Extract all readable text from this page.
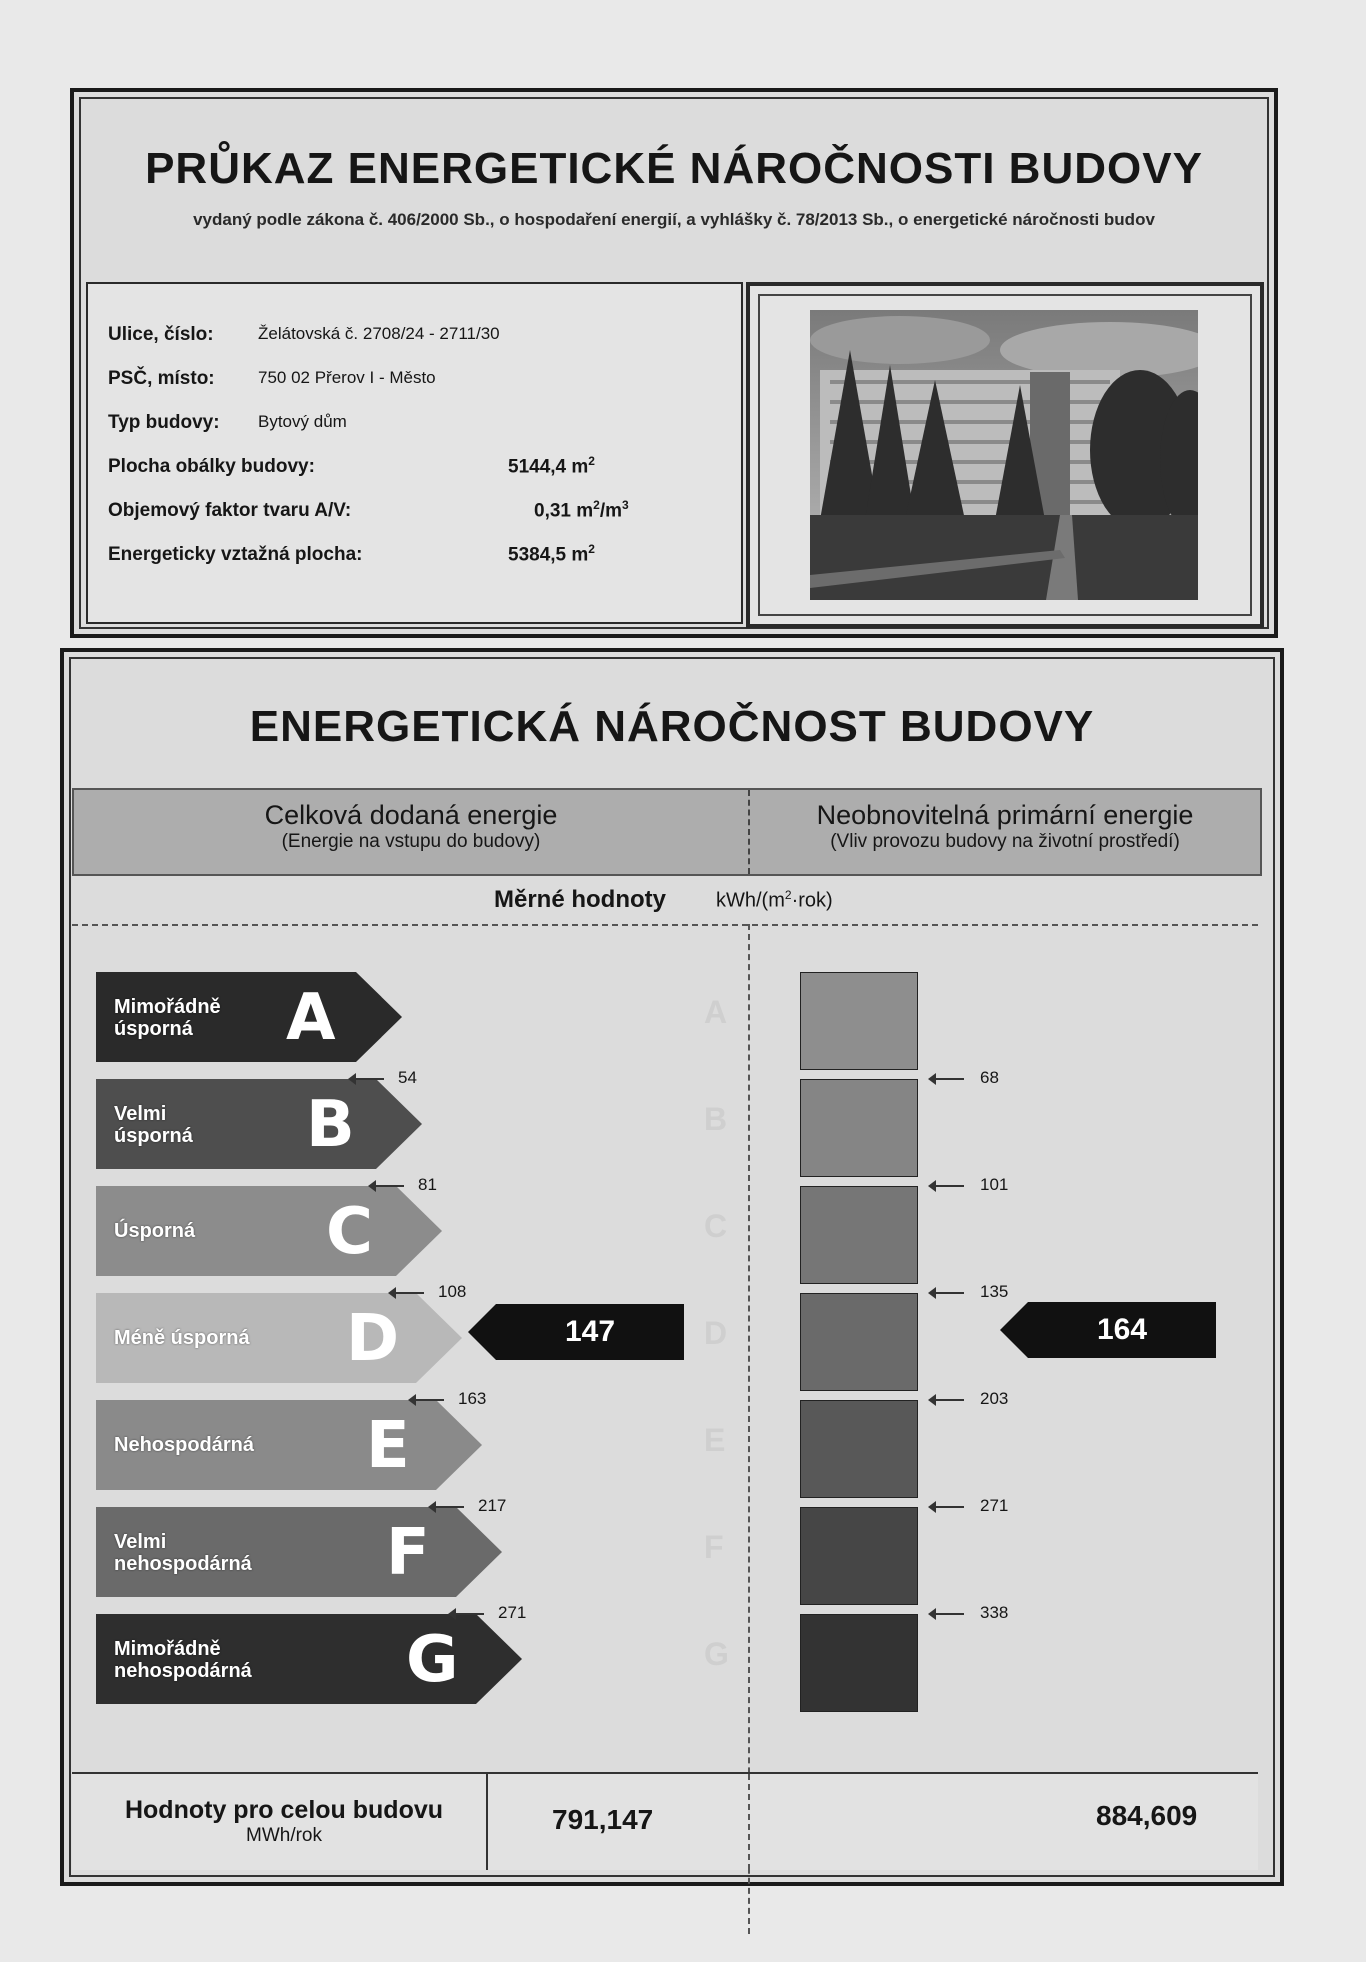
PRŮKAZ ENERGETICKÉ NÁROČNOSTI BUDOVY
vydaný podle zákona č. 406/2000 Sb., o hospodaření energií, a vyhlášky č. 78/2013 Sb., o energetické náročnosti budov
Ulice, číslo:	Želátovská č. 2708/24 - 2711/30
PSČ, místo:	750 02 Přerov I - Město
Typ budovy: Bytový dům
Plocha obálky budovy:	5144,4 $m^2$
Objemový faktor tvaru A/V:	0,31 $m^2/m^3$
Energeticky vztažná plocha:	5384,5 $m^2$
ENERGETICKÁ NÁROČNOST BUDOVY
Celková dodaná energie
(Energie na vstupu do budovy)
Neobnovitelná primární energie
(Vliv provozu budovy na životní prostředí)
Měrné hodnoty	kWh/$(m^2\cdot rok)$
Mimořádně
úsporná	A	A
Velmi
úsporná B	B
Úsporná C	C
Méně úsporná D	D
Nehospodárná E	E
Velmi
nehospodárná F	F
Mimořádně
nehospodárná G	G
54
81
108
163
217
271
68
101
135
203
271
338
147	164
Hodnoty pro celou budovu
MWh/rok
791,147	884,609
